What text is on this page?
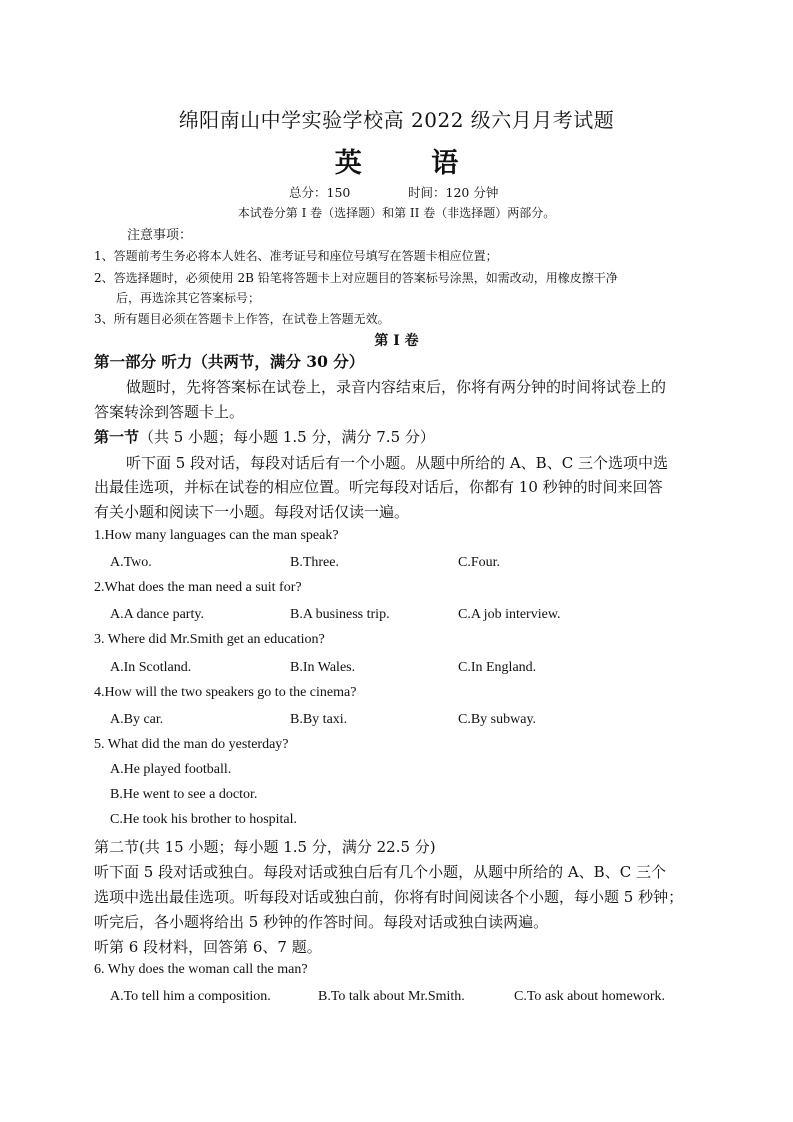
绵阳南山中学实验学校高 2022 级六月月考试题
英 语
总分：150	时间：120 分钟
本试卷分第 I 卷（选择题）和第 II 卷（非选择题）两部分。
注意事项：
1、答题前考生务必将本人姓名、准考证号和座位号填写在答题卡相应位置；
2、答选择题时，必须使用 2B 铅笔将答题卡上对应题目的答案标号涂黑，如需改动，用橡皮擦干净
后，再选涂其它答案标号；
3、所有题目必须在答题卡上作答，在试卷上答题无效。
第 I 卷
第一部分 听力（共两节，满分 30 分）
做题时，先将答案标在试卷上，录音内容结束后，你将有两分钟的时间将试卷上的
答案转涂到答题卡上。
第一节（共 5 小题；每小题 1.5 分，满分 7.5 分）
听下面 5 段对话，每段对话后有一个小题。从题中所给的 A、B、C 三个选项中选
出最佳选项，并标在试卷的相应位置。听完每段对话后，你都有 10 秒钟的时间来回答
有关小题和阅读下一小题。每段对话仅读一遍。
1.How many languages can the man speak?
A.Two.	B.Three.	C.Four.
2.What does the man need a suit for?
A.A dance party.	B.A business trip.	C.A job interview.
3. Where did Mr.Smith get an education?
A.In Scotland.	B.In Wales.	C.In England.
4.How will the two speakers go to the cinema?
A.By car.	B.By taxi.	C.By subway.
5. What did the man do yesterday?
A.He played football.
B.He went to see a doctor.
C.He took his brother to hospital.
第二节(共 15 小题；每小题 1.5 分，满分 22.5 分)
听下面 5 段对话或独白。每段对话或独白后有几个小题，从题中所给的 A、B、C 三个
选项中选出最佳选项。听每段对话或独白前，你将有时间阅读各个小题，每小题 5 秒钟；
听完后，各小题将给出 5 秒钟的作答时间。每段对话或独白读两遍。
听第 6 段材料，回答第 6、7 题。
6. Why does the woman call the man?
A.To tell him a composition.	B.To talk about Mr.Smith.	C.To ask about homework.
